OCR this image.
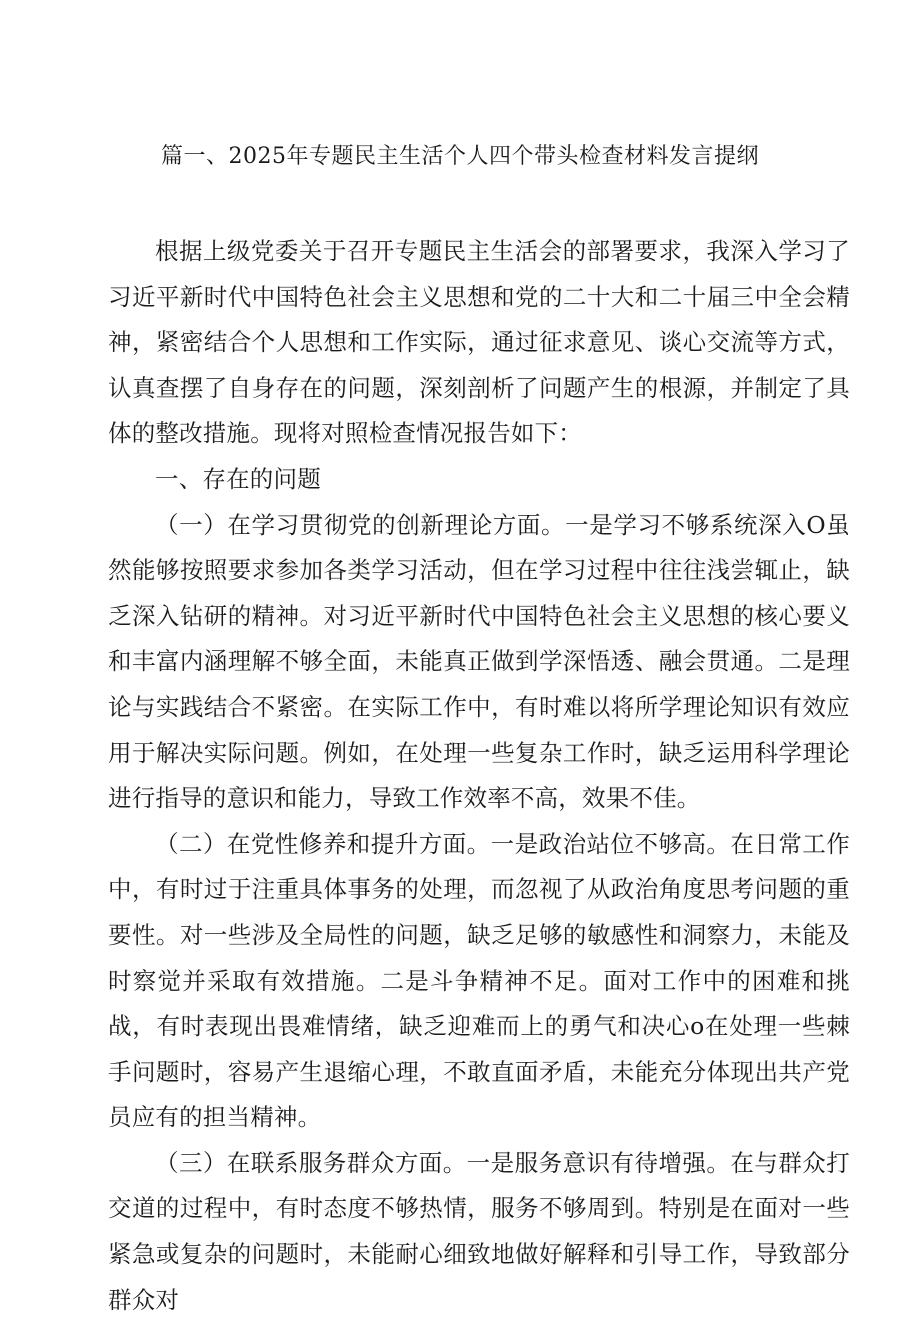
篇一、2025年专题民主生活个人四个带头检查材料发言提纲

根据上级党委关于召开专题民主生活会的部署要求，我深入学习了习近平新时代中国特色社会主义思想和党的二十大和二十届三中全会精神，紧密结合个人思想和工作实际，通过征求意见、谈心交流等方式，认真查摆了自身存在的问题，深刻剖析了问题产生的根源，并制定了具体的整改措施。现将对照检查情况报告如下：

一、存在的问题

（一）在学习贯彻党的创新理论方面。一是学习不够系统深入O虽然能够按照要求参加各类学习活动，但在学习过程中往往浅尝辄止，缺乏深入钻研的精神。对习近平新时代中国特色社会主义思想的核心要义和丰富内涵理解不够全面，未能真正做到学深悟透、融会贯通。二是理论与实践结合不紧密。在实际工作中，有时难以将所学理论知识有效应用于解决实际问题。例如，在处理一些复杂工作时，缺乏运用科学理论进行指导的意识和能力，导致工作效率不高，效果不佳。

（二）在党性修养和提升方面。一是政治站位不够高。在日常工作中，有时过于注重具体事务的处理，而忽视了从政治角度思考问题的重要性。对一些涉及全局性的问题，缺乏足够的敏感性和洞察力，未能及时察觉并采取有效措施。二是斗争精神不足。面对工作中的困难和挑战，有时表现出畏难情绪，缺乏迎难而上的勇气和决心o在处理一些棘手问题时，容易产生退缩心理，不敢直面矛盾，未能充分体现出共产党员应有的担当精神。

（三）在联系服务群众方面。一是服务意识有待增强。在与群众打交道的过程中，有时态度不够热情，服务不够周到。特别是在面对一些紧急或复杂的问题时，未能耐心细致地做好解释和引导工作，导致部分群众对
